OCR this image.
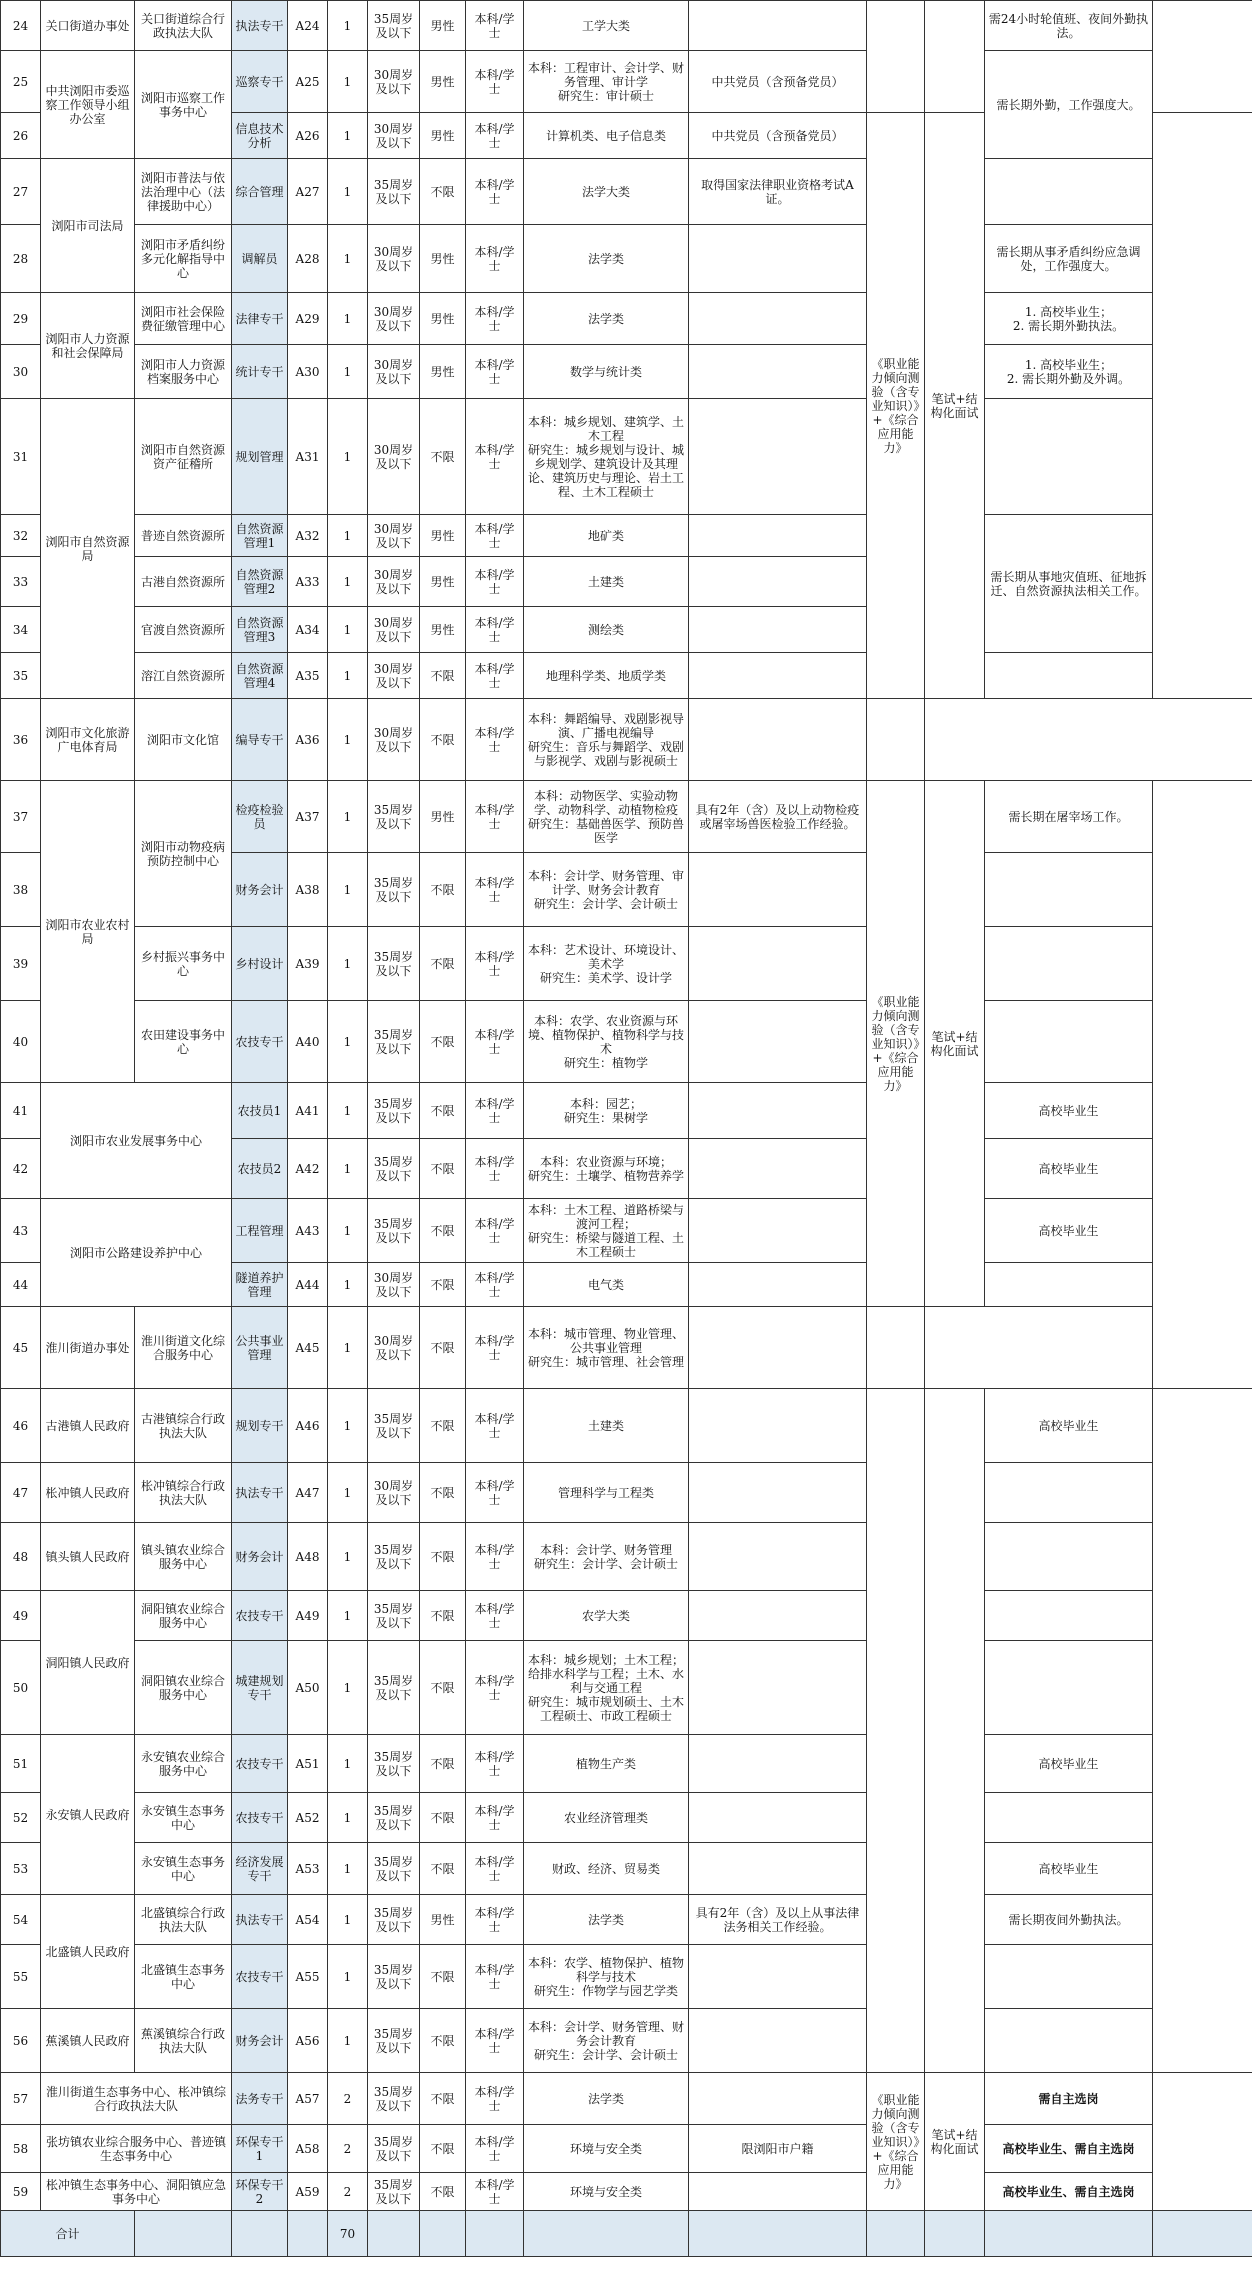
24	关口街道办事处	关口街道综合行政执法大队	执法专干	A24	1	35周岁及以下	男性	本科/学士	工学大类				需24小时轮值班、夜间外勤执法。	
25	中共浏阳市委巡察工作领导小组办公室	浏阳市巡察工作事务中心	巡察专干	A25	1	30周岁及以下	男性	本科/学士	本科：工程审计、会计学、财务管理、审计学
研究生：审计硕士	中共党员（含预备党员）			需长期外勤，工作强度大。	
26			信息技术分析	A26	1	30周岁及以下	男性	本科/学士	计算机类、电子信息类	中共党员（含预备党员）	《职业能力倾向测验（含专业知识）》+《综合应用能力》	笔试+结构化面试		
27	浏阳市司法局	浏阳市普法与依法治理中心（法律援助中心）	综合管理	A27	1	35周岁及以下	不限	本科/学士	法学大类	取得国家法律职业资格考试A证。				
28		浏阳市矛盾纠纷多元化解指导中心	调解员	A28	1	30周岁及以下	男性	本科/学士	法学类				需长期从事矛盾纠纷应急调处，工作强度大。	
29	浏阳市人力资源和社会保障局	浏阳市社会保险费征缴管理中心	法律专干	A29	1	30周岁及以下	男性	本科/学士	法学类				1. 高校毕业生；
2. 需长期外勤执法。	
30		浏阳市人力资源档案服务中心	统计专干	A30	1	30周岁及以下	男性	本科/学士	数学与统计类				1. 高校毕业生；
2. 需长期外勤及外调。	
31	浏阳市自然资源局	浏阳市自然资源资产征稽所	规划管理	A31	1	30周岁及以下	不限	本科/学士	本科：城乡规划、建筑学、土木工程
研究生：城乡规划与设计、城乡规划学、建筑设计及其理论、建筑历史与理论、岩土工程、土木工程硕士					
32		普迹自然资源所	自然资源管理1	A32	1	30周岁及以下	男性	本科/学士	地矿类				需长期从事地灾值班、征地拆迁、自然资源执法相关工作。	
33		古港自然资源所	自然资源管理2	A33	1	30周岁及以下	男性	本科/学士	土建类					
34		官渡自然资源所	自然资源管理3	A34	1	30周岁及以下	男性	本科/学士	测绘类					
35		溶江自然资源所	自然资源管理4	A35	1	30周岁及以下	不限	本科/学士	地理科学类、地质学类					
36	浏阳市文化旅游广电体育局	浏阳市文化馆	编导专干	A36	1	30周岁及以下	不限	本科/学士	本科：舞蹈编导、戏剧影视导演、广播电视编导
研究生：音乐与舞蹈学、戏剧与影视学、戏剧与影视硕士					
37	浏阳市农业农村局	浏阳市动物疫病预防控制中心	检疫检验员	A37	1	35周岁及以下	男性	本科/学士	本科：动物医学、实验动物学、动物科学、动植物检疫
研究生：基础兽医学、预防兽医学	具有2年（含）及以上动物检疫或屠宰场兽医检验工作经验。	《职业能力倾向测验（含专业知识）》+《综合应用能力》	笔试+结构化面试	需长期在屠宰场工作。	
38			财务会计	A38	1	35周岁及以下	不限	本科/学士	本科：会计学、财务管理、审计学、财务会计教育
研究生：会计学、会计硕士					
39		乡村振兴事务中心	乡村设计	A39	1	35周岁及以下	不限	本科/学士	本科：艺术设计、环境设计、美术学
研究生：美术学、设计学					
40		农田建设事务中心	农技专干	A40	1	35周岁及以下	不限	本科/学士	本科：农学、农业资源与环境、植物保护、植物科学与技术
研究生：植物学					
41	浏阳市农业发展事务中心		农技员1	A41	1	35周岁及以下	不限	本科/学士	本科：园艺；
研究生：果树学				高校毕业生	
42			农技员2	A42	1	35周岁及以下	不限	本科/学士	本科：农业资源与环境；
研究生：土壤学、植物营养学				高校毕业生	
43	浏阳市公路建设养护中心		工程管理	A43	1	35周岁及以下	不限	本科/学士	本科：土木工程、道路桥梁与渡河工程；
研究生：桥梁与隧道工程、土木工程硕士				高校毕业生	
44			隧道养护管理	A44	1	30周岁及以下	不限	本科/学士	电气类					
45	淮川街道办事处	淮川街道文化综合服务中心	公共事业管理	A45	1	30周岁及以下	不限	本科/学士	本科：城市管理、物业管理、公共事业管理
研究生：城市管理、社会管理					
46	古港镇人民政府	古港镇综合行政执法大队	规划专干	A46	1	35周岁及以下	不限	本科/学士	土建类				高校毕业生	
47	枨冲镇人民政府	枨冲镇综合行政执法大队	执法专干	A47	1	30周岁及以下	不限	本科/学士	管理科学与工程类					
48	镇头镇人民政府	镇头镇农业综合服务中心	财务会计	A48	1	35周岁及以下	不限	本科/学士	本科：会计学、财务管理
研究生：会计学、会计硕士					
49	洞阳镇人民政府	洞阳镇农业综合服务中心	农技专干	A49	1	35周岁及以下	不限	本科/学士	农学大类					
50		洞阳镇农业综合服务中心	城建规划专干	A50	1	35周岁及以下	不限	本科/学士	本科：城乡规划；土木工程；给排水科学与工程；土木、水利与交通工程
研究生：城市规划硕士、土木工程硕士、市政工程硕士					
51	永安镇人民政府	永安镇农业综合服务中心	农技专干	A51	1	35周岁及以下	不限	本科/学士	植物生产类				高校毕业生	
52		永安镇生态事务中心	农技专干	A52	1	35周岁及以下	不限	本科/学士	农业经济管理类					
53		永安镇生态事务中心	经济发展专干	A53	1	35周岁及以下	不限	本科/学士	财政、经济、贸易类				高校毕业生	
54	北盛镇人民政府	北盛镇综合行政执法大队	执法专干	A54	1	35周岁及以下	男性	本科/学士	法学类	具有2年（含）及以上从事法律法务相关工作经验。			需长期夜间外勤执法。	
55		北盛镇生态事务中心	农技专干	A55	1	35周岁及以下	不限	本科/学士	本科：农学、植物保护、植物科学与技术
研究生：作物学与园艺学类					
56	蕉溪镇人民政府	蕉溪镇综合行政执法大队	财务会计	A56	1	35周岁及以下	不限	本科/学士	本科：会计学、财务管理、财务会计教育
研究生：会计学、会计硕士					
57	淮川街道生态事务中心、枨冲镇综合行政执法大队		法务专干	A57	2	35周岁及以下	不限	本科/学士	法学类		《职业能力倾向测验（含专业知识）》+《综合应用能力》	笔试+结构化面试	需自主选岗	
58	张坊镇农业综合服务中心、普迹镇生态事务中心		环保专干1	A58	2	35周岁及以下	不限	本科/学士	环境与安全类	限浏阳市户籍			高校毕业生、需自主选岗	
59	枨冲镇生态事务中心、洞阳镇应急事务中心		环保专干2	A59	2	35周岁及以下	不限	本科/学士	环境与安全类				高校毕业生、需自主选岗	
合计					70									
